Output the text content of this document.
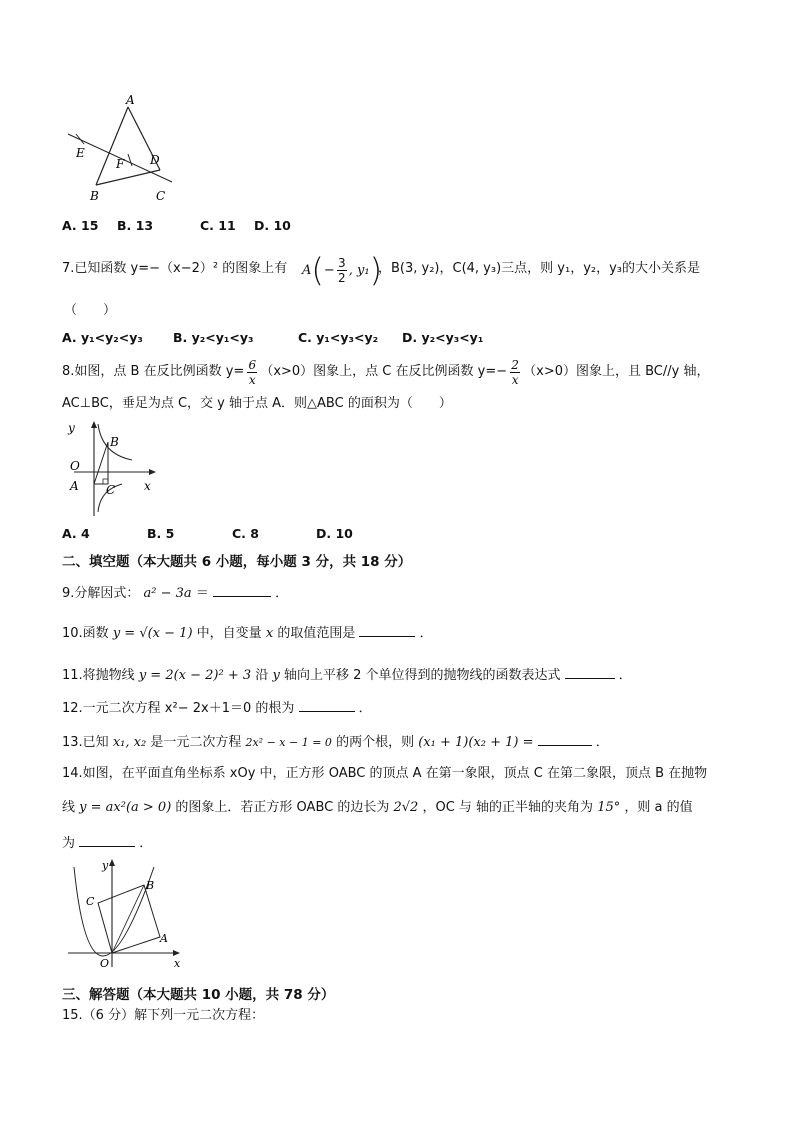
A
E
F D
B	C
A. 15 B. 13	C. 11 D. 10
7.已知函数 y=−（x−2）² 的图象上有 A ( − 3
2 , y₁ )
，B(3, y₂)，C(4, y₃)三点，则 y₁，y₂，y₃的大小关系是
（　　）
A. y₁<y₂<y₃ B. y₂<y₁<y₃	C. y₁<y₃<y₂ D. y₂<y₃<y₁
8.如图，点 B 在反比例函数 y= 6
x
（x>0）图象上，点 C 在反比例函数 y=− 2
x
（x>0）图象上，且 BC//y 轴，
AC⊥BC，垂足为点 C，交 y 轴于点 A．则△ABC 的面积为（　　）
y
B
O
A C x
A. 4	B. 5	C. 8	D. 10
二、填空题（本大题共 6 小题，每小题 3 分，共 18 分）
9.分解因式： a² − 3a ＝	．
10.函数 y = √(x − 1) 中，自变量 x 的取值范围是	．
11.将抛物线 y = 2(x − 2)² + 3 沿 y 轴向上平移 2 个单位得到的抛物线的函数表达式	．
12.一元二次方程 x²− 2x＋1＝0 的根为	．
13.已知 x₁, x₂ 是一元二次方程 2x² − x − 1 = 0 的两个根，则 (x₁ + 1)(x₂ + 1) =	．
14.如图，在平面直角坐标系 xOy 中，正方形 OABC 的顶点 A 在第一象限，顶点 C 在第二象限，顶点 B 在抛物
线 y = ax²(a > 0) 的图象上．若正方形 OABC 的边长为 2√2 ，OC 与 轴的正半轴的夹角为 15° ，则 a 的值
为	．
y
B
C
A
O	x
三、解答题（本大题共 10 小题，共 78 分）
15.（6 分）解下列一元二次方程：
